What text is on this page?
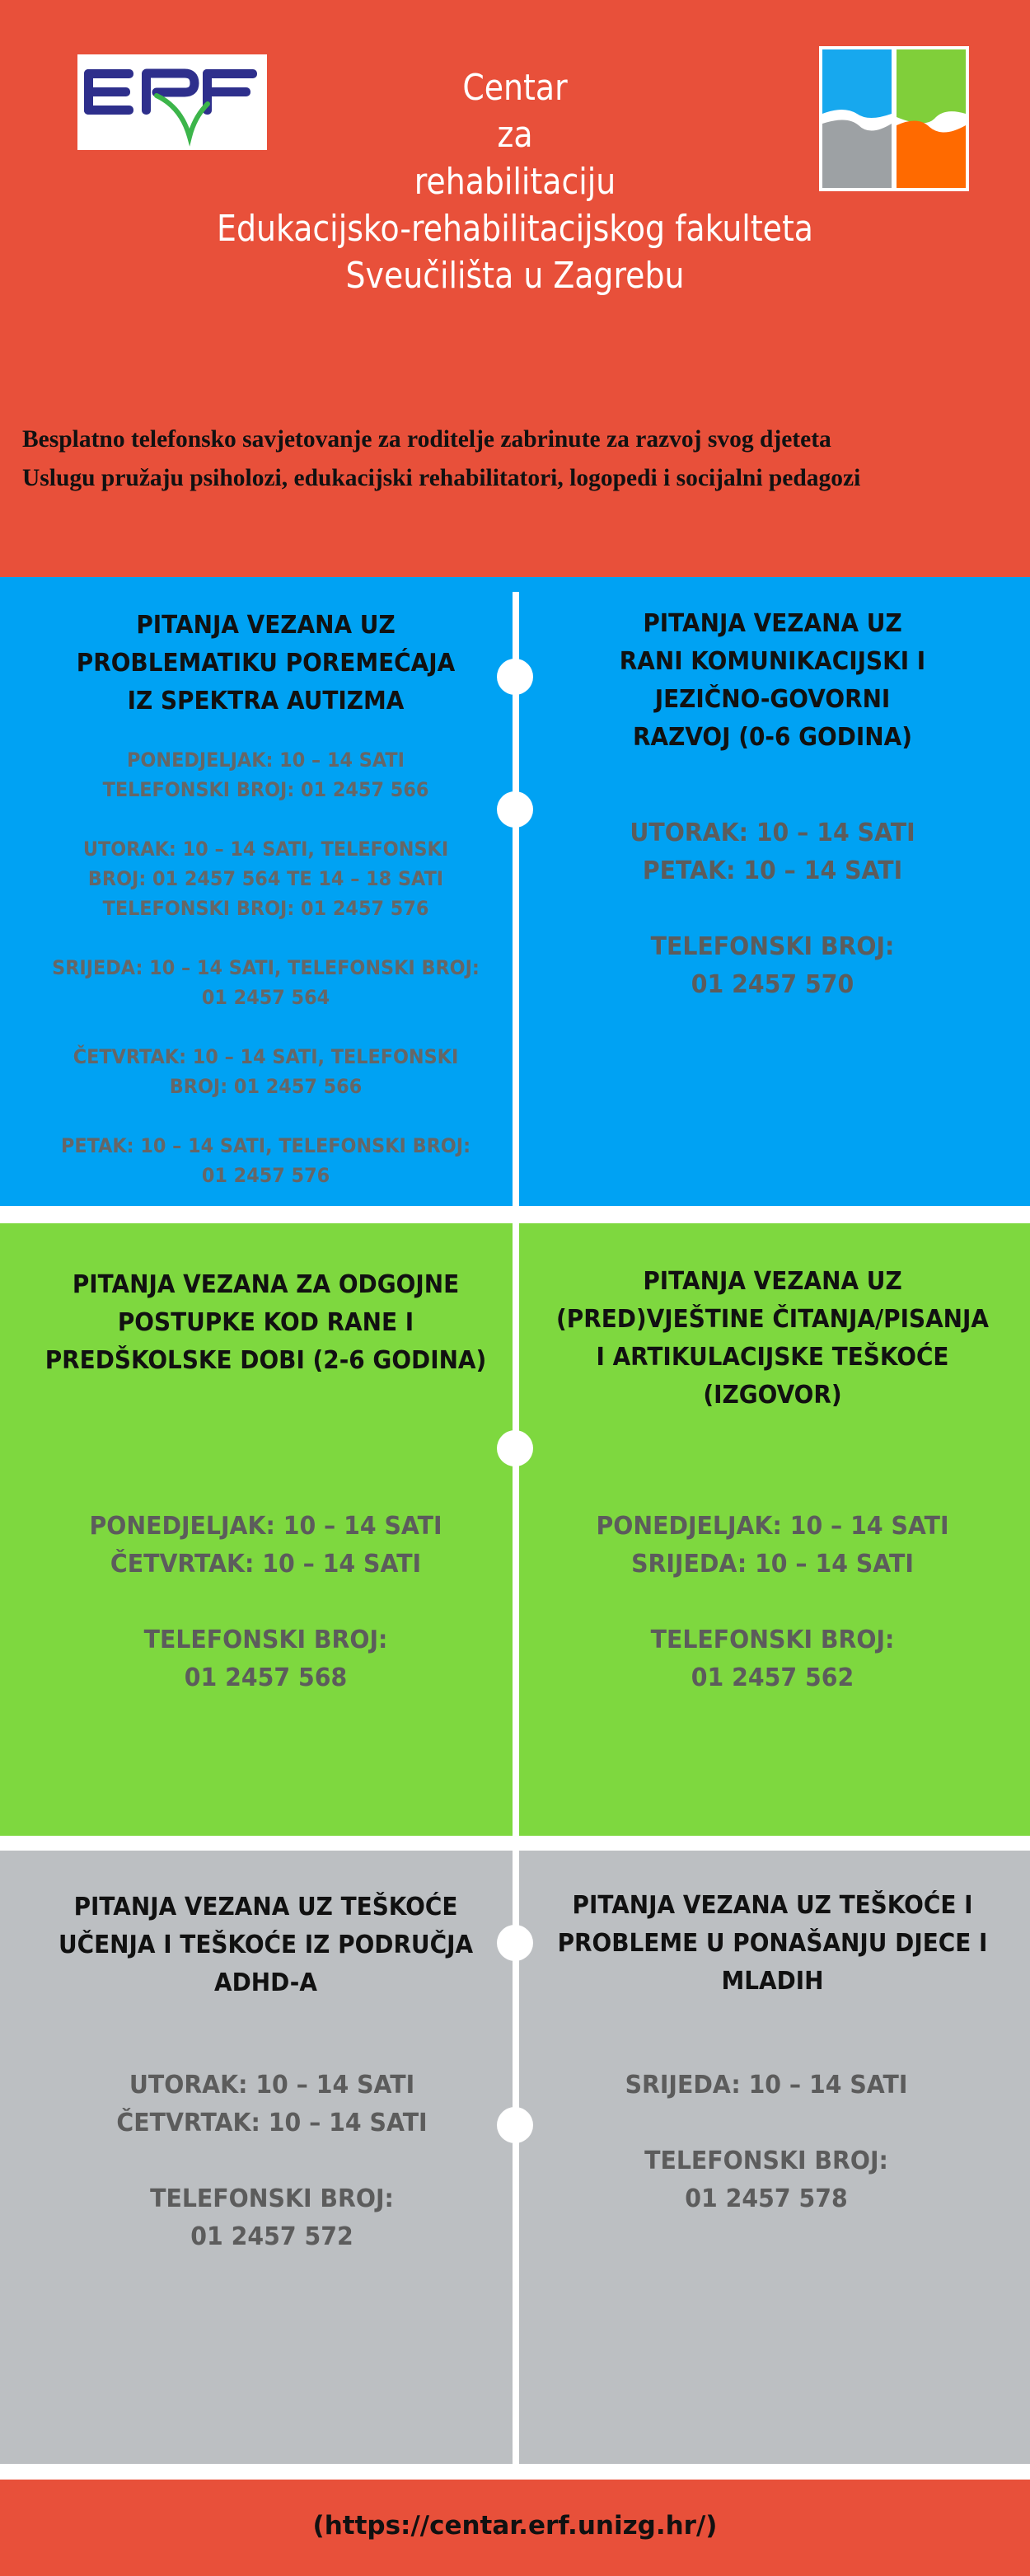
Centar
za
rehabilitaciju
Edukacijsko-rehabilitacijskog fakulteta
Sveučilišta u Zagrebu
Besplatno telefonsko savjetovanje za roditelje zabrinute za razvoj svog djeteta
Uslugu pružaju psiholozi, edukacijski rehabilitatori, logopedi i socijalni pedagozi
PITANJA VEZANA UZ
PROBLEMATIKU POREMEĆAJA
IZ SPEKTRA AUTIZMA
PONEDJELJAK: 10 – 14 SATI
TELEFONSKI BROJ: 01 2457 566
UTORAK: 10 – 14 SATI, TELEFONSKI
BROJ: 01 2457 564 TE 14 – 18 SATI
TELEFONSKI BROJ: 01 2457 576
SRIJEDA: 10 – 14 SATI, TELEFONSKI BROJ:
01 2457 564
ČETVRTAK: 10 – 14 SATI, TELEFONSKI
BROJ: 01 2457 566
PETAK: 10 – 14 SATI, TELEFONSKI BROJ:
01 2457 576
PITANJA VEZANA UZ
RANI KOMUNIKACIJSKI I
JEZIČNO-GOVORNI
RAZVOJ (0-6 GODINA)
UTORAK: 10 – 14 SATI
PETAK: 10 – 14 SATI
TELEFONSKI BROJ:
01 2457 570
PITANJA VEZANA ZA ODGOJNE
POSTUPKE KOD RANE I
PREDŠKOLSKE DOBI (2-6 GODINA)
PONEDJELJAK: 10 – 14 SATI
ČETVRTAK: 10 – 14 SATI
TELEFONSKI BROJ:
01 2457 568
PITANJA VEZANA UZ
(PRED)VJEŠTINE ČITANJA/PISANJA
I ARTIKULACIJSKE TEŠKOĆE
(IZGOVOR)
PONEDJELJAK: 10 – 14 SATI
SRIJEDA: 10 – 14 SATI
TELEFONSKI BROJ:
01 2457 562
PITANJA VEZANA UZ TEŠKOĆE
UČENJA I TEŠKOĆE IZ PODRUČJA
ADHD-A
UTORAK: 10 – 14 SATI
ČETVRTAK: 10 – 14 SATI
TELEFONSKI BROJ:
01 2457 572
PITANJA VEZANA UZ TEŠKOĆE I
PROBLEME U PONAŠANJU DJECE I
MLADIH
SRIJEDA: 10 – 14 SATI
TELEFONSKI BROJ:
01 2457 578
(https://centar.erf.unizg.hr/)
